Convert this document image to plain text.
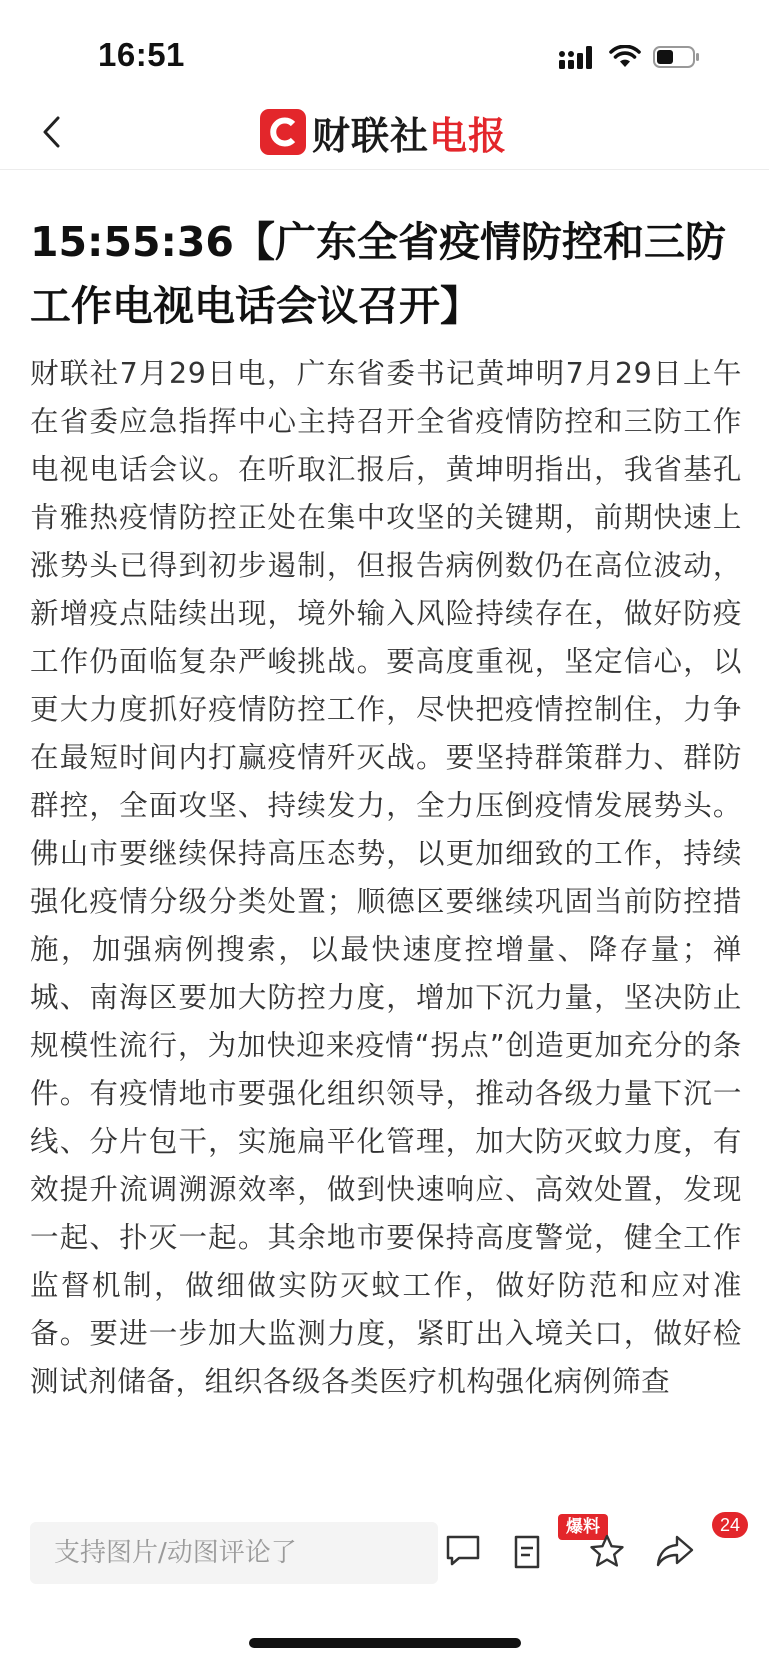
16:51
财联社电报
15:55:36【广东全省疫情防控和三防工作电视电话会议召开】

财联社7月29日电，广东省委书记黄坤明7月29日上午在省委应急指挥中心主持召开全省疫情防控和三防工作电视电话会议。在听取汇报后，黄坤明指出，我省基孔肯雅热疫情防控正处在集中攻坚的关键期，前期快速上涨势头已得到初步遏制，但报告病例数仍在高位波动，新增疫点陆续出现，境外输入风险持续存在，做好防疫工作仍面临复杂严峻挑战。要高度重视，坚定信心，以更大力度抓好疫情防控工作，尽快把疫情控制住，力争在最短时间内打赢疫情歼灭战。要坚持群策群力、群防群控，全面攻坚、持续发力，全力压倒疫情发展势头。佛山市要继续保持高压态势，以更加细致的工作，持续强化疫情分级分类处置；顺德区要继续巩固当前防控措施，加强病例搜索，以最快速度控增量、降存量；禅城、南海区要加大防控力度，增加下沉力量，坚决防止规模性流行，为加快迎来疫情“拐点”创造更加充分的条件。有疫情地市要强化组织领导，推动各级力量下沉一线、分片包干，实施扁平化管理，加大防灭蚊力度，有效提升流调溯源效率，做到快速响应、高效处置，发现一起、扑灭一起。其余地市要保持高度警觉，健全工作监督机制，做细做实防灭蚊工作，做好防范和应对准备。要进一步加大监测力度，紧盯出入境关口，做好检测试剂储备，组织各级各类医疗机构强化病例筛查

支持图片/动图评论了
爆料	24
